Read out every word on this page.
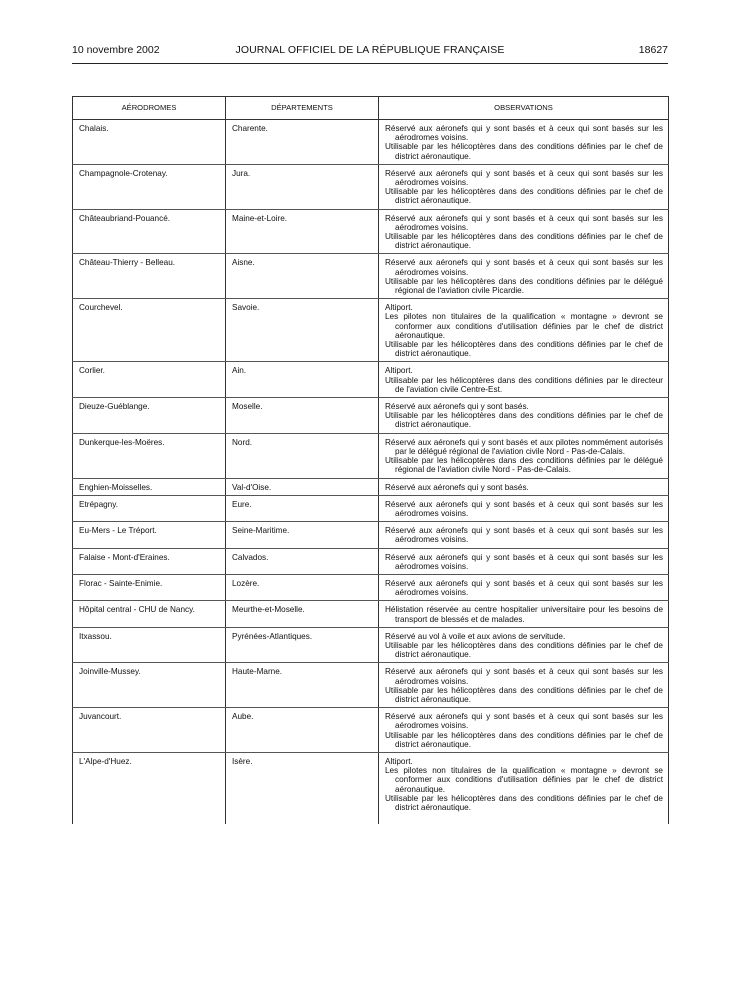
10 novembre 2002	JOURNAL OFFICIEL DE LA RÉPUBLIQUE FRANÇAISE	18627
AÉRODROMES	DÉPARTEMENTS	OBSERVATIONS
Chalais.	Charente.	Réservé aux aéronefs qui y sont basés et à ceux qui sont basés sur les aérodromes voisins.

Utilisable par les hélicoptères dans des conditions définies par le chef de district aéronautique.

Champagnole-Crotenay.	Jura.	Réservé aux aéronefs qui y sont basés et à ceux qui sont basés sur les aérodromes voisins.

Utilisable par les hélicoptères dans des conditions définies par le chef de district aéronautique.

Châteaubriand-Pouancé.	Maine-et-Loire.	Réservé aux aéronefs qui y sont basés et à ceux qui sont basés sur les aérodromes voisins.

Utilisable par les hélicoptères dans des conditions définies par le chef de district aéronautique.

Château-Thierry - Belleau.	Aisne.	Réservé aux aéronefs qui y sont basés et à ceux qui sont basés sur les aérodromes voisins.

Utilisable par les hélicoptères dans des conditions définies par le délégué régional de l'aviation civile Picardie.

Courchevel.	Savoie.	Altiport.

Les pilotes non titulaires de la qualification « montagne » devront se conformer aux conditions d'utilisation définies par le chef de district aéronautique.

Utilisable par les hélicoptères dans des conditions définies par le chef de district aéronautique.

Corlier.	Ain.	Altiport.

Utilisable par les hélicoptères dans des conditions définies par le directeur de l'aviation civile Centre-Est.

Dieuze-Guéblange.	Moselle.	Réservé aux aéronefs qui y sont basés.

Utilisable par les hélicoptères dans des conditions définies par le chef de district aéronautique.

Dunkerque-les-Moëres.	Nord.	Réservé aux aéronefs qui y sont basés et aux pilotes nommément autorisés par le délégué régional de l'aviation civile Nord - Pas-de-Calais.

Utilisable par les hélicoptères dans des conditions définies par le délégué régional de l'aviation civile Nord - Pas-de-Calais.

Enghien-Moisselles.	Val-d'Oise.	Réservé aux aéronefs qui y sont basés.

Etrépagny.	Eure.	Réservé aux aéronefs qui y sont basés et à ceux qui sont basés sur les aérodromes voisins.

Eu-Mers - Le Tréport.	Seine-Maritime.	Réservé aux aéronefs qui y sont basés et à ceux qui sont basés sur les aérodromes voisins.

Falaise - Mont-d'Eraines.	Calvados.	Réservé aux aéronefs qui y sont basés et à ceux qui sont basés sur les aérodromes voisins.

Florac - Sainte-Enimie.	Lozère.	Réservé aux aéronefs qui y sont basés et à ceux qui sont basés sur les aérodromes voisins.

Hôpital central - CHU de Nancy.	Meurthe-et-Moselle.	Hélistation réservée au centre hospitalier universitaire pour les besoins de transport de blessés et de malades.

Itxassou.	Pyrénées-Atlantiques.	Réservé au vol à voile et aux avions de servitude.

Utilisable par les hélicoptères dans des conditions définies par le chef de district aéronautique.

Joinville-Mussey.	Haute-Marne.	Réservé aux aéronefs qui y sont basés et à ceux qui sont basés sur les aérodromes voisins.

Utilisable par les hélicoptères dans des conditions définies par le chef de district aéronautique.

Juvancourt.	Aube.	Réservé aux aéronefs qui y sont basés et à ceux qui sont basés sur les aérodromes voisins.

Utilisable par les hélicoptères dans des conditions définies par le chef de district aéronautique.

L'Alpe-d'Huez.	Isère.	Altiport.

Les pilotes non titulaires de la qualification « montagne » devront se conformer aux conditions d'utilisation définies par le chef de district aéronautique.

Utilisable par les hélicoptères dans des conditions définies par le chef de district aéronautique.
